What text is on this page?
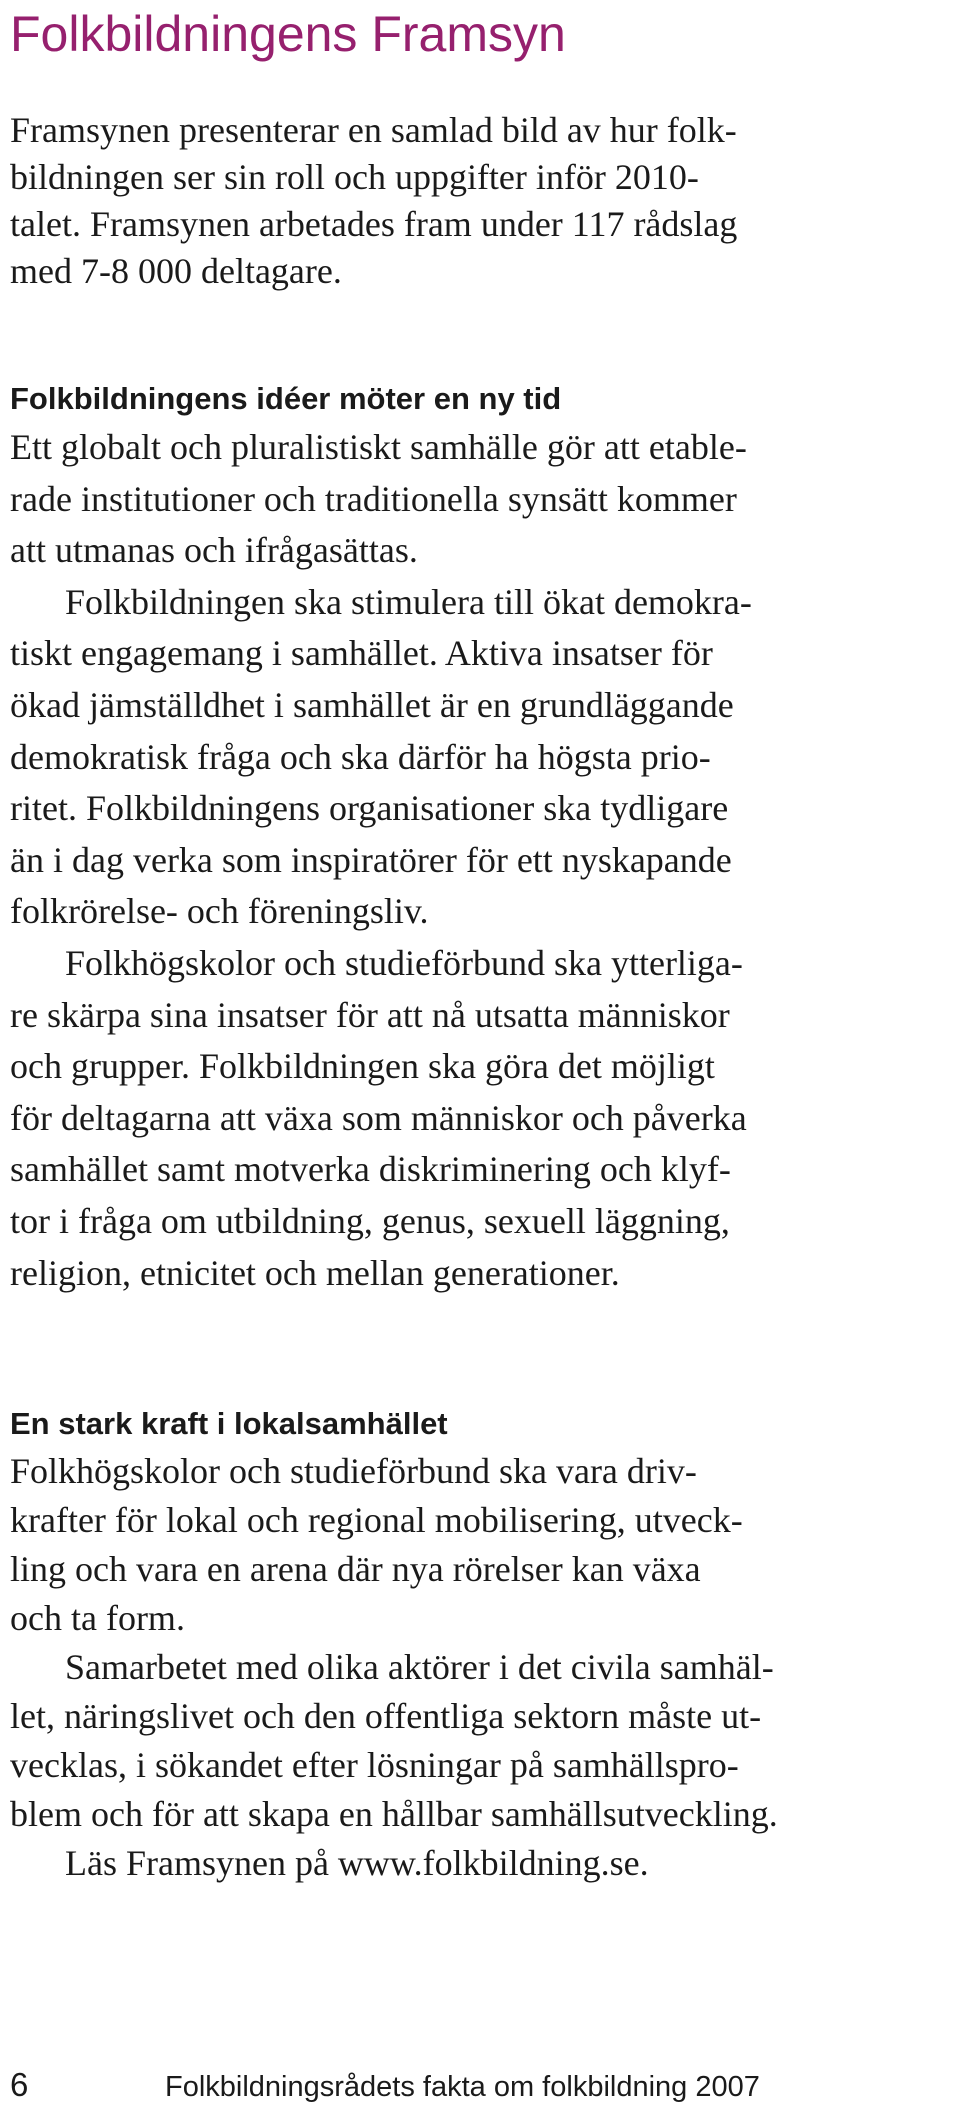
Folkbildningens Framsyn
Framsynen presenterar en samlad bild av hur folk-
bildningen ser sin roll och uppgifter inför 2010-
talet. Framsynen arbetades fram under 117 rådslag
med 7-8 000 deltagare.
Folkbildningens idéer möter en ny tid
Ett globalt och pluralistiskt samhälle gör att etable-
rade institutioner och traditionella synsätt kommer
att utmanas och ifrågasättas.
Folkbildningen ska stimulera till ökat demokra-
tiskt engagemang i samhället. Aktiva insatser för
ökad jämställdhet i samhället är en grundläggande
demokratisk fråga och ska därför ha högsta prio-
ritet. Folkbildningens organisationer ska tydligare
än i dag verka som inspiratörer för ett nyskapande
folkrörelse- och föreningsliv.
Folkhögskolor och studieförbund ska ytterliga-
re skärpa sina insatser för att nå utsatta människor
och grupper. Folkbildningen ska göra det möjligt
för deltagarna att växa som människor och påverka
samhället samt motverka diskriminering och klyf-
tor i fråga om utbildning, genus, sexuell läggning,
religion, etnicitet och mellan generationer.
En stark kraft i lokalsamhället
Folkhögskolor och studieförbund ska vara driv-
krafter för lokal och regional mobilisering, utveck-
ling och vara en arena där nya rörelser kan växa
och ta form.
Samarbetet med olika aktörer i det civila samhäl-
let, näringslivet och den offentliga sektorn måste ut-
vecklas, i sökandet efter lösningar på samhällspro-
blem och för att skapa en hållbar samhällsutveckling.
Läs Framsynen på www.folkbildning.se.
6	Folkbildningsrådets fakta om folkbildning 2007
